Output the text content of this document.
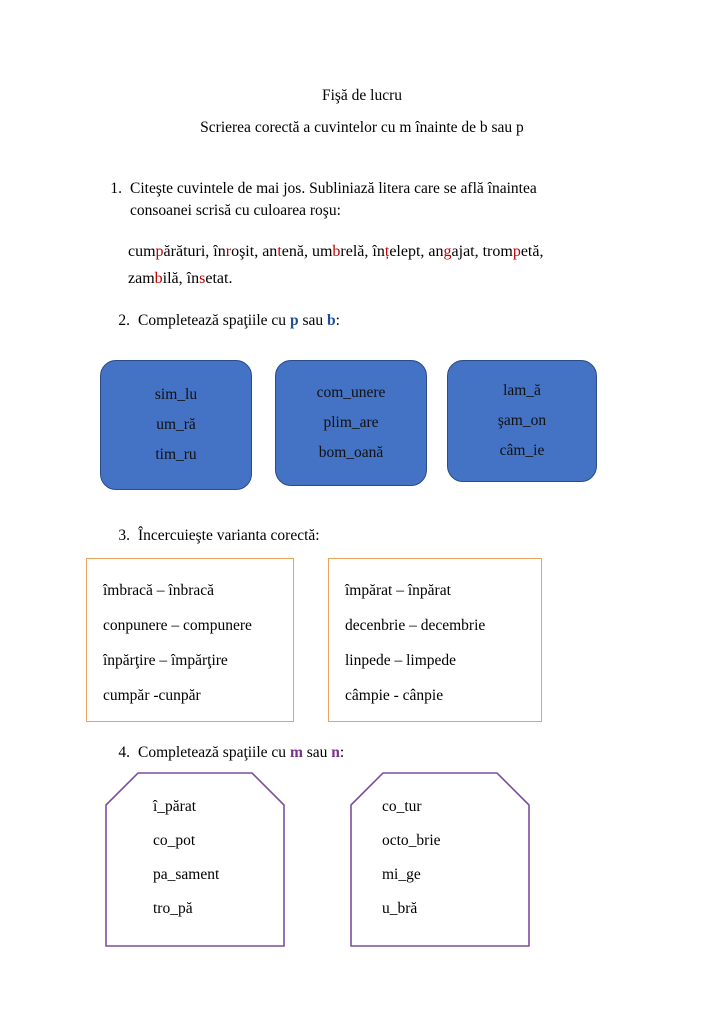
Fişă de lucru
Scrierea corectă a cuvintelor cu m înainte de b sau p
1. Citeşte cuvintele de mai jos. Subliniază litera care se află înaintea
consoanei scrisă cu culoarea roşu:
cumpărături, înroşit, antenă, umbrelă, înțelept, angajat, trompetă,
zambilă, însetat.
2. Completează spaţiile cu p sau b:
sim_lu
um_ră
tim_ru
com_unere
plim_are
bom_oană
lam_ă
şam_on
câm_ie
3. Încercuieşte varianta corectă:
îmbracă – înbracă
conpunere – compunere
înpărţire – împărţire
cumpăr -cunpăr
împărat – înpărat
decenbrie – decembrie
linpede – limpede
câmpie - cânpie
4. Completează spaţiile cu m sau n:
î_părat
co_pot
pa_sament
tro_pă
co_tur
octo_brie
mi_ge
u_bră
